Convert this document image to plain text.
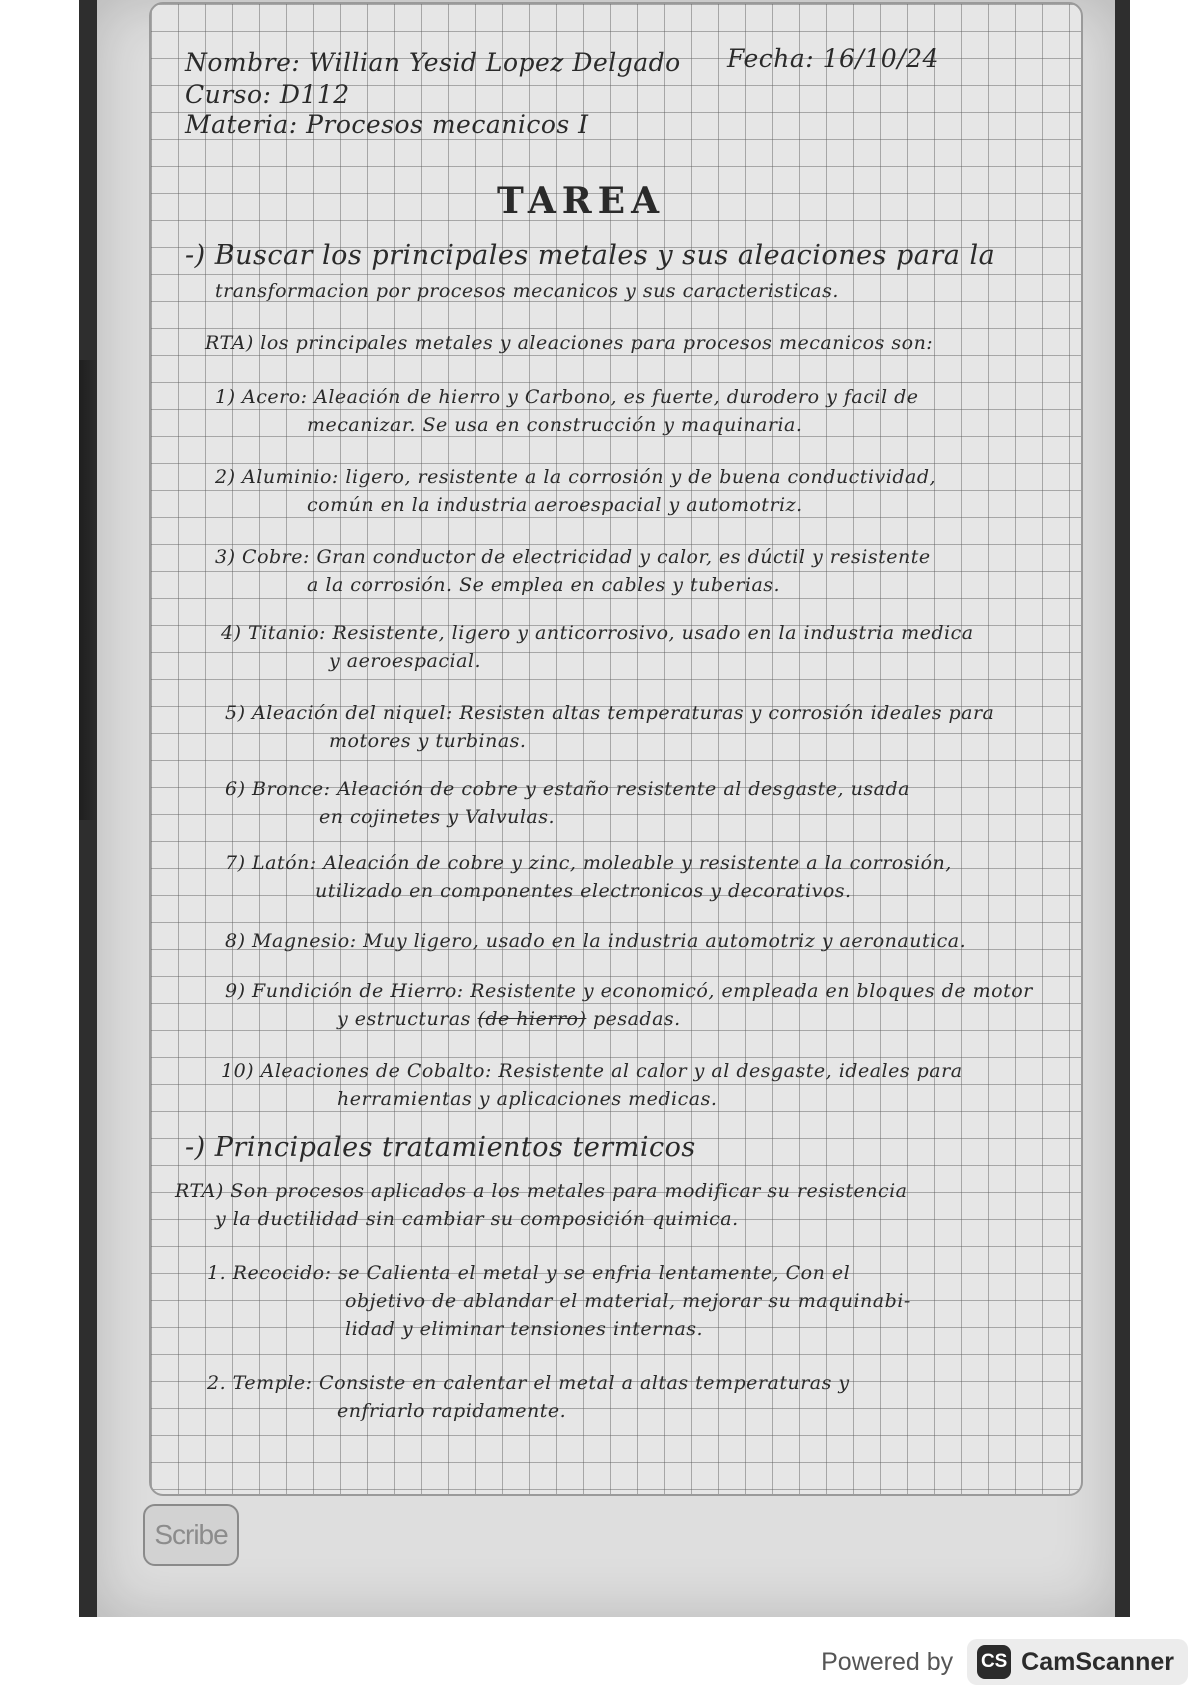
Nombre: Willian Yesid Lopez Delgado
Curso: D112
Materia: Procesos mecanicos I
Fecha: 16/10/24
TAREA
-) Buscar los principales metales y sus aleaciones para la
transformacion por procesos mecanicos y sus caracteristicas.
RTA) los principales metales y aleaciones para procesos mecanicos son:
1) Acero: Aleación de hierro y Carbono, es fuerte, durodero y facil de
mecanizar. Se usa en construcción y maquinaria.
2) Aluminio: ligero, resistente a la corrosión y de buena conductividad,
común en la industria aeroespacial y automotriz.
3) Cobre: Gran conductor de electricidad y calor, es dúctil y resistente
a la corrosión. Se emplea en cables y tuberias.
4) Titanio: Resistente, ligero y anticorrosivo, usado en la industria medica
y aeroespacial.
5) Aleación del niquel: Resisten altas temperaturas y corrosión ideales para
motores y turbinas.
6) Bronce: Aleación de cobre y estaño resistente al desgaste, usada
en cojinetes y Valvulas.
7) Latón: Aleación de cobre y zinc, moleable y resistente a la corrosión,
utilizado en componentes electronicos y decorativos.
8) Magnesio: Muy ligero, usado en la industria automotriz y aeronautica.
9) Fundición de Hierro: Resistente y economicó, empleada en bloques de motor
y estructuras (de hierro) pesadas.
10) Aleaciones de Cobalto: Resistente al calor y al desgaste, ideales para
herramientas y aplicaciones medicas.
-) Principales tratamientos termicos
RTA) Son procesos aplicados a los metales para modificar su resistencia
y la ductilidad sin cambiar su composición quimica.
1. Recocido: se Calienta el metal y se enfria lentamente, Con el
objetivo de ablandar el material, mejorar su maquinabi-
lidad y eliminar tensiones internas.
2. Temple: Consiste en calentar el metal a altas temperaturas y
enfriarlo rapidamente.
Scribe
Powered by CS CamScanner
